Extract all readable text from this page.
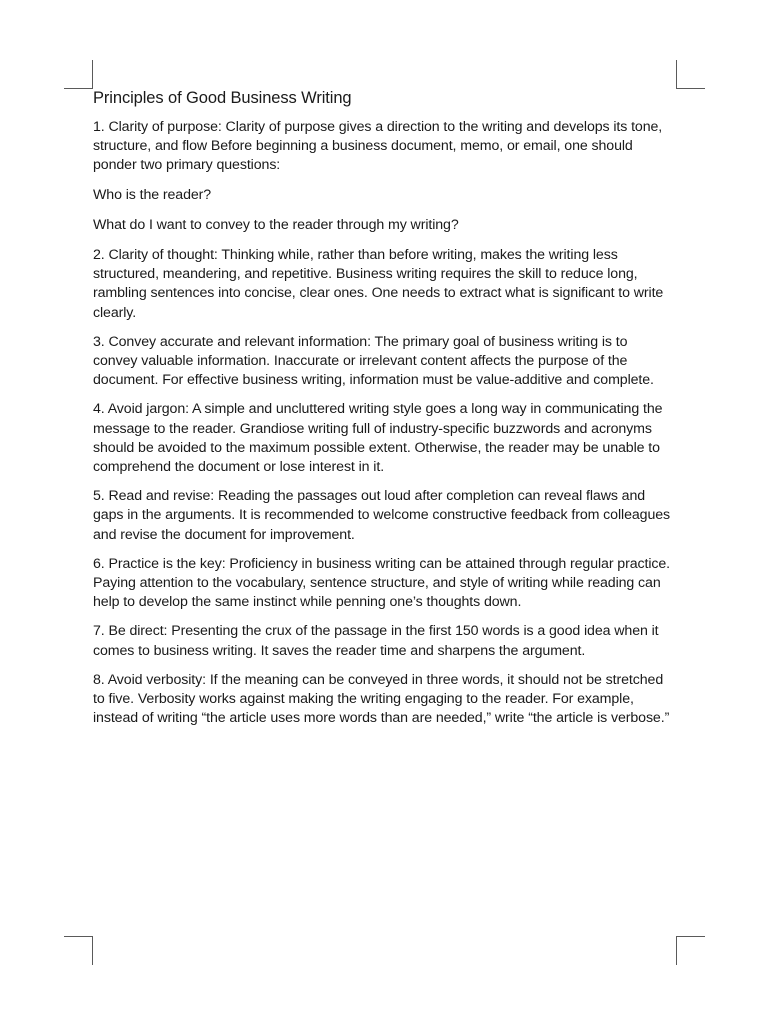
Principles of Good Business Writing

1. Clarity of purpose: Clarity of purpose gives a direction to the writing and develops its tone, structure, and flow Before beginning a business document, memo, or email, one should ponder two primary questions:

Who is the reader?

What do I want to convey to the reader through my writing?

2. Clarity of thought: Thinking while, rather than before writing, makes the writing less structured, meandering, and repetitive. Business writing requires the skill to reduce long, rambling sentences into concise, clear ones. One needs to extract what is significant to write clearly.

3. Convey accurate and relevant information: The primary goal of business writing is to convey valuable information. Inaccurate or irrelevant content affects the purpose of the document. For effective business writing, information must be value-additive and complete.

4. Avoid jargon: A simple and uncluttered writing style goes a long way in communicating the message to the reader. Grandiose writing full of industry-specific buzzwords and acronyms should be avoided to the maximum possible extent. Otherwise, the reader may be unable to comprehend the document or lose interest in it.

5. Read and revise: Reading the passages out loud after completion can reveal flaws and gaps in the arguments. It is recommended to welcome constructive feedback from colleagues and revise the document for improvement.

6. Practice is the key: Proficiency in business writing can be attained through regular practice. Paying attention to the vocabulary, sentence structure, and style of writing while reading can help to develop the same instinct while penning one’s thoughts down.

7. Be direct: Presenting the crux of the passage in the first 150 words is a good idea when it comes to business writing. It saves the reader time and sharpens the argument.

8. Avoid verbosity: If the meaning can be conveyed in three words, it should not be stretched to five. Verbosity works against making the writing engaging to the reader. For example, instead of writing “the article uses more words than are needed,” write “the article is verbose.”
